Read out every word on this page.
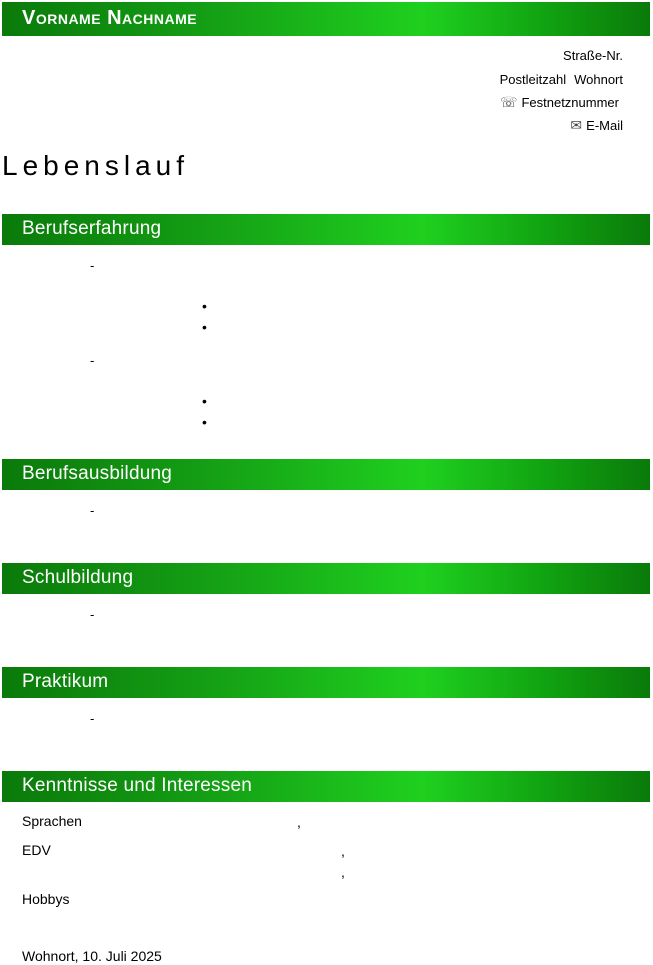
Vorname Nachname
Straße-Nr.
Postleitzahl Wohnort
☏ Festnetznummer
✉ E-Mail
Lebenslauf
Berufserfahrung
-
•
•
-
•
•
Berufsausbildung
-
Schulbildung
-
Praktikum
-
Kenntnisse und Interessen
Sprachen	,
EDV	,
,
Hobbys
Wohnort, 10. Juli 2025
